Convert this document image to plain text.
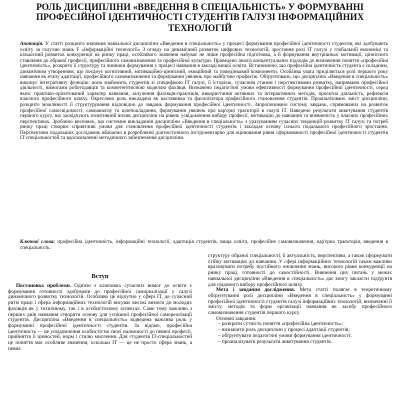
РОЛЬ ДИСЦИПЛІНИ «ВВЕДЕННЯ В СПЕЦІАЛЬНІСТЬ» У ФОРМУВАННІ ПРОФЕСІЙНОЇ ІДЕНТИЧНОСТІ СТУДЕНТІВ ГАЛУЗІ ІНФОРМАЦІЙНИХ ТЕХНОЛОГІЙ
Анотація. У статті розкрито значення навчальної дисципліни «Введення в спеціальність» у процесі формування професійної ідентичності студентів, які здобувають освіту за галуззю знань F «Інформаційні технології» З огляду на динамічний розвиток цифрових технологій, зростання ролі IT галузі у глобальній економіці та кількісний розвиток конкуренції на ринку праці, особливого значення набуває не лише професійна підготовка, а й формування внутрішньої мотивації, ціннісного ставлення до обраної професії, професійного самовизначення та професійної культури. Проведено аналіз концептуальних підходів до визначення поняття «професійна ідентичність», розкрито її структуру та чинники формування у процесі навчання в закладі вищої освіти. Встановлено, що професійна ідентичність студента є складним, динамічним утворенням, що поєднує когнітивний, мотиваційно-ціннісний, емоційний та поведінковий компоненти. Особлива увага приділяється ролі першого року навчання як етапу адаптації, професійного самовизначення та формування уявлень про майбутню професію. Обґрунтовано, що дисципліна «Введення в спеціальність» виконує інтегративну функцію: вона знайомить студентів зі специфікою IT галузі, її історією, сучасним станом і перспективами розвитку, напрямами професійної діяльності, вимогами роботодавців та компетентнісною моделлю фахівця. Визначено педагогічні умови ефективності формування професійної ідентичності, серед яких: практико-орієнтований характер навчання, залучення фахівців-практиків, використання активних та інтерактивних методів, проєктна діяльність, рефлексія власного професійного шляху. Окреслено роль викладача як наставника та фасилітатора професійного становлення студентів. Проаналізовано зміст дисципліни, розкрито можливості її структурування відповідно до завдань формування професійної ідентичності. Запропоновано систему завдань, спрямованих на розвиток професійної самосвідомості, самоаналізу та цілепокладання, формування уявлень про кар'єрні траєкторії в галузі IT. Наведено результати анкетування студентів першого курсу, що засвідчують позитивний вплив дисципліни на рівень усвідомлення вибору професії, мотивацію до навчання та впевненість у власних професійних перспективах. Зроблено висновок, що системне викладання дисципліни «Введення в спеціальність» з урахуванням сучасних тенденцій розвитку IT галузі та потреб ринку праці створює сприятливі умови для становлення професійної ідентичності студентів і закладає основу їхнього подальшого професійного зростання. Перспективи подальших досліджень вбачаємо в розробленні діагностичного інструментарію для оцінювання рівня сформованості професійної ідентичності студентів IT спеціальностей та вдосконаленні методичного забезпечення дисципліни.
Ключові слова: професійна ідентичність, інформаційні технології, адаптація студентів, вища освіта, професійне самовизначення, кар'єрна траєкторія, введення в спеціальність.
Вступ

Постановка проблеми. Однією з ключових сучасних вимог до освіти є формування готовності здобувачів до професійної самореалізації у галузі динамічного розвитку технологій. Особливо це відчутно у сфері IT, де сучасний ритм праці і сфера інформаційних технологій висуває високі вимоги до молодих фахівців як у технічному, так і в особистісному аспектах. Саме тому важливо з перших днів навчання створити основу для успішної професійної самореалізації студентів. Дисципліна «Введення в спеціальність» відведена важлива роль у формуванні професійної ідентичності студентів. За відомо, професійна ідентичність — це усвідомлення особистістю своєї належності до певної професії, прийняття її цінностей, норм і стилю мислення. Для студентів IT-спеціальностей це поняття має особливе значення, оскільки IT — це не просто сфера знань, а певна

структуру обраної спеціальності, її актуальність, перспективи, а також сформувати стійку мотивацію до навчання. У сфері інформаційних технологій також важливо враховувати потребу постійного оновлення знань, високого рівня конкуренції на ринку праці, готовності до самостійності. Вивчення цих питань у межах навчальної дисципліни «Введення в спеціальність» дає змогу закласти підґрунтя для свідомого вибору професійного шляху.

Мета і завдання дослідження. Мета статті полягає в теоретичному обґрунтуванні ролі дисципліни «Введення в спеціальність» у формуванні професійної ідентичності студентів галузі інформаційних технологій, визначенні її змісту, методів та форм організації навчання як засобу професійного самовизначення студентів першого курсу.

Основні завдання:

– розкрити сутність поняття «професійна ідентичність»;
– визначити роль дисципліни у процесі адаптації студентів;
– обґрунтувати педагогічні умови формування ідентичності;
– проаналізувати результати анкетування студентів.
